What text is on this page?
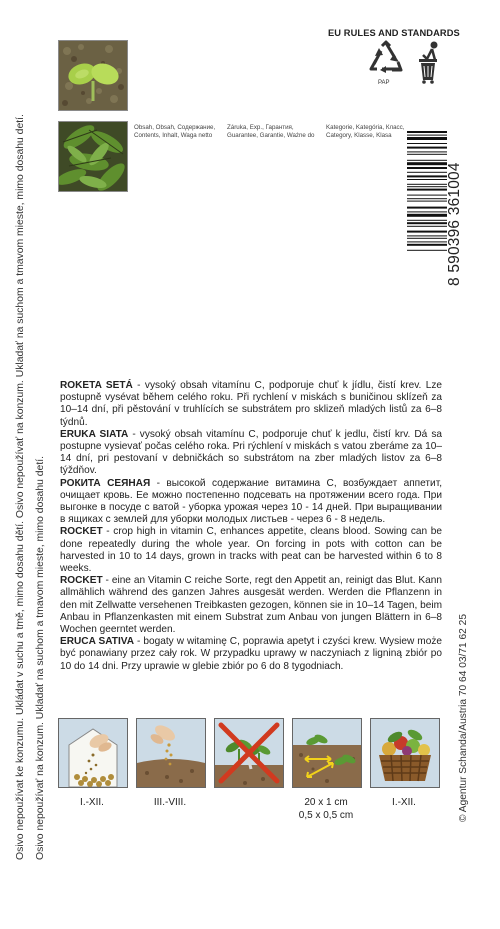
Osivo nepoužívat ke konzumu. Ukládat v suchu a tmě, mimo dosahu dětí. Osivo nepoužívať na konzum. Ukladať na suchom a tmavom mieste, mimo dosahu detí. Osivo nepoužívať na konzum. Ukladať na suchom a tmavom mieste, mimo dosahu detí.
Obsah, Obsah, Содержание,
Contents, Inhalt, Waga netto
Záruka, Exp., Гарантия,
Guarantee, Garantie, Ważne do
Kategorie, Kategória, Класс,
Category, Klasse, Klasa
EU RULES AND STANDARDS
PAP
8 590396 361004
© Agentur Schanda/Austria 70 64 03/71 62 25

ROKETA SETÁ - vysoký obsah vitamínu C, podporuje chuť k jídlu, čistí krev. Lze postupně vysévat během celého roku. Při rychlení v miskách s buničinou sklízeň za 10–14 dní, při pěstování v truhlících se substrátem pro sklizeň mladých listů za 6–8 týdnů.

ERUKA SIATA - vysoký obsah vitamínu C, podporuje chuť k jedlu, čistí krv. Dá sa postupne vysievať počas celého roka. Pri rýchlení v miskách s vatou zberáme za 10–14 dní, pri pestovaní v debničkách so substrátom na zber mladých listov za 6–8 týždňov.

РОКИТА СЕЯНАЯ - высокой содержание витамина С, возбуждает аппетит, очищает кровь. Ее можно постепенно подсевать на протяжении всего года. При выгонке в посуде с ватой - уборка урожая через 10 - 14 дней. При выращивании в ящиках с землей для уборки молодых листьев - через 6 - 8 недель.

ROCKET - crop high in vitamin C, enhances appetite, cleans blood. Sowing can be done repeatedly during the whole year. On forcing in pots with cotton can be harvested in 10 to 14 days, grown in tracks with peat can be harvested within 6 to 8 weeks.

ROCKET - eine an Vitamin C reiche Sorte, regt den Appetit an, reinigt das Blut. Kann allmählich während des ganzen Jahres ausgesät werden. Werden die Pflanzenn in den mit Zellwatte versehenen Treibkasten gezogen, können sie in 10–14 Tagen, beim Anbau in Pflanzenkasten mit einem Substrat zum Anbau von jungen Blättern in 6–8 Wochen geerntet werden.

ERUCA SATIVA - bogaty w witaminę C, poprawia apetyt i czyści krew. Wysiew może być ponawiany przez cały rok. W przypadku uprawy w naczyniach z ligniną zbiór po 10 do 14 dni. Przy uprawie w glebie zbiór po 6 do 8 tygodniach.

I.-XII.	III.-VIII.	20 x 1 cm
0,5 x 0,5 cm
I.-XII.
